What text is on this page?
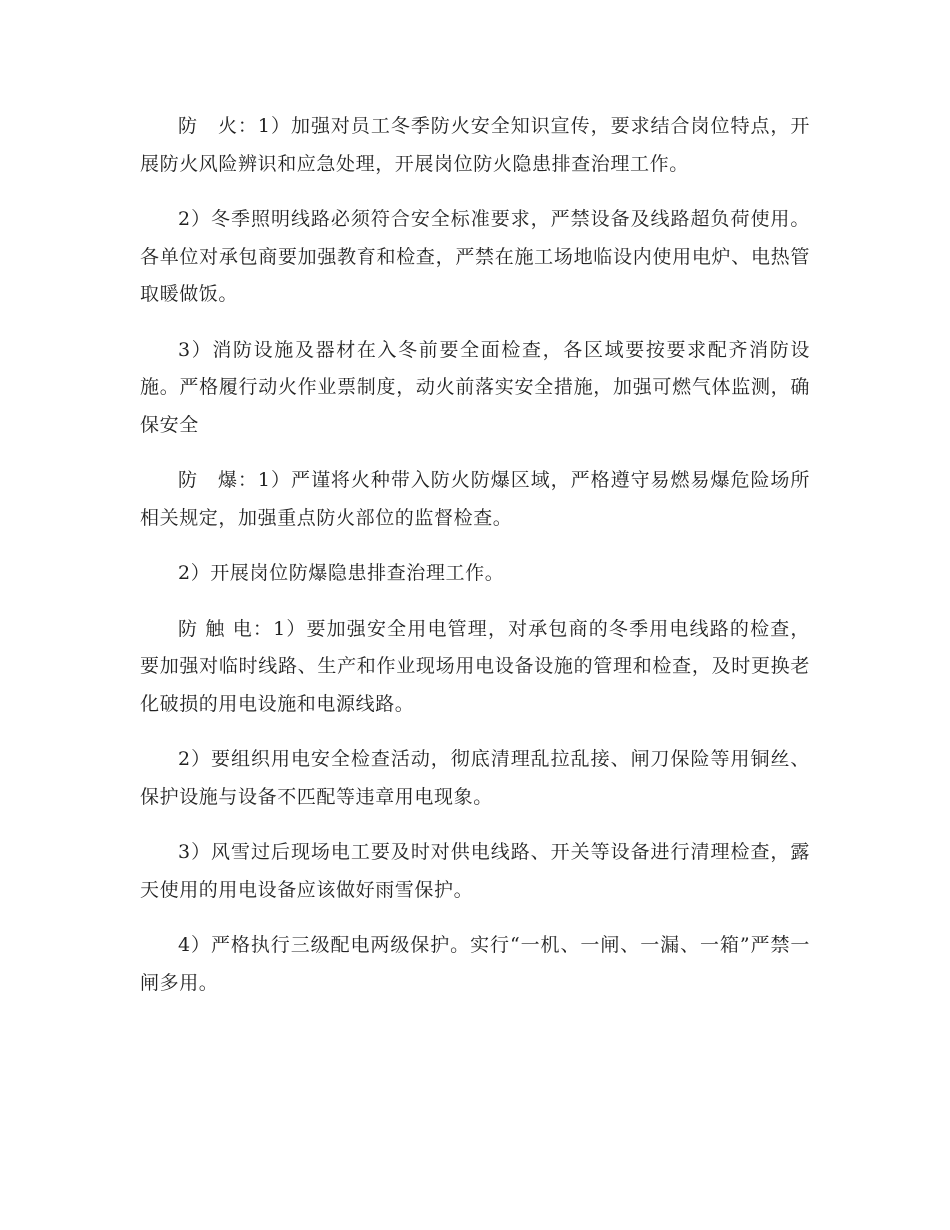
防　火：1）加强对员工冬季防火安全知识宣传，要求结合岗位特点，开展防火风险辨识和应急处理，开展岗位防火隐患排查治理工作。

2）冬季照明线路必须符合安全标准要求，严禁设备及线路超负荷使用。各单位对承包商要加强教育和检查，严禁在施工场地临设内使用电炉、电热管取暖做饭。

3）消防设施及器材在入冬前要全面检查，各区域要按要求配齐消防设施。严格履行动火作业票制度，动火前落实安全措施，加强可燃气体监测，确保安全

防　爆：1）严谨将火种带入防火防爆区域，严格遵守易燃易爆危险场所相关规定，加强重点防火部位的监督检查。

2）开展岗位防爆隐患排查治理工作。

防 触 电：1）要加强安全用电管理，对承包商的冬季用电线路的检查，要加强对临时线路、生产和作业现场用电设备设施的管理和检查，及时更换老化破损的用电设施和电源线路。

2）要组织用电安全检查活动，彻底清理乱拉乱接、闸刀保险等用铜丝、保护设施与设备不匹配等违章用电现象。

3）风雪过后现场电工要及时对供电线路、开关等设备进行清理检查，露天使用的用电设备应该做好雨雪保护。

4）严格执行三级配电两级保护。实行“一机、一闸、一漏、一箱”严禁一闸多用。
